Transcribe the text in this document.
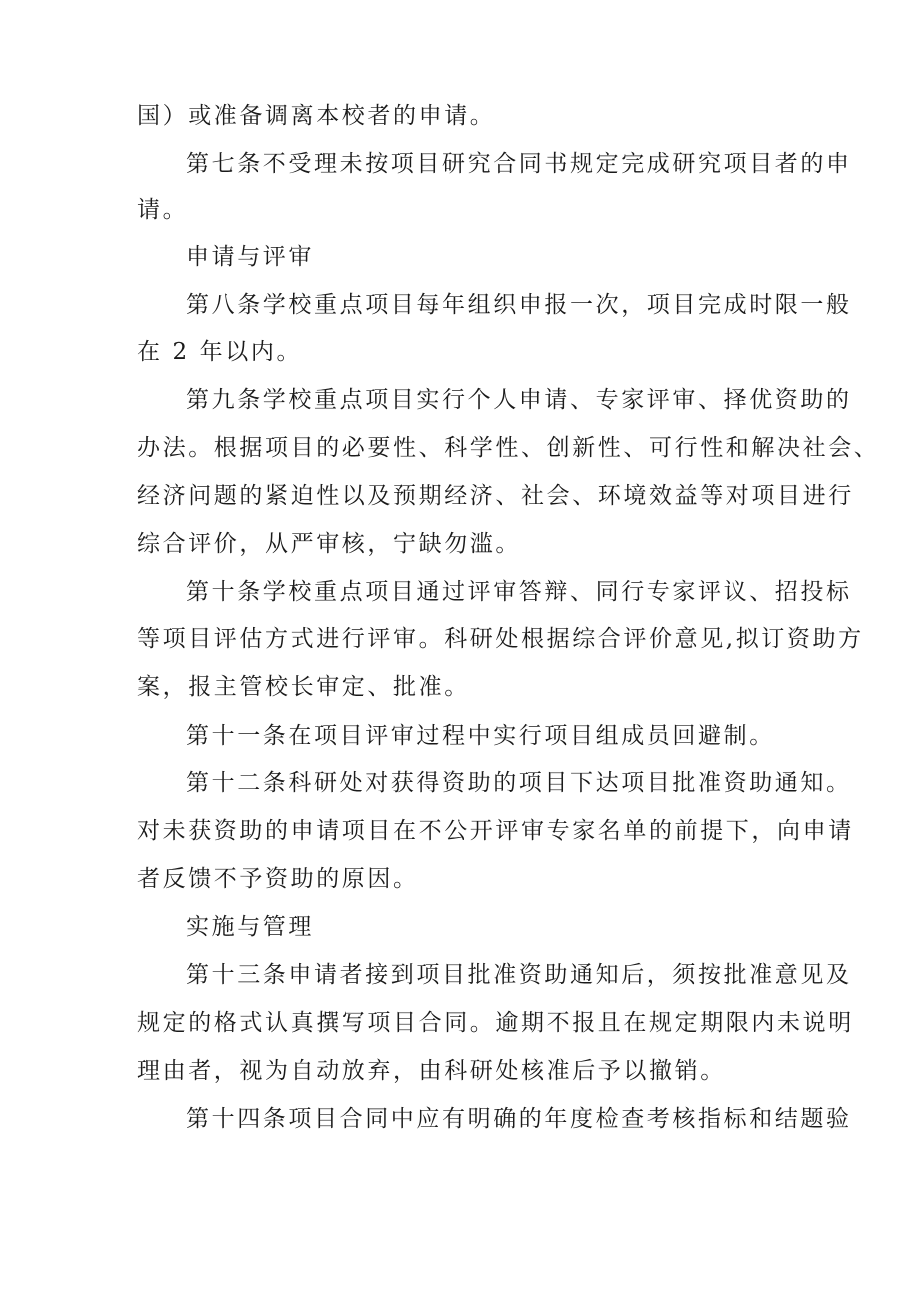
国）或准备调离本校者的申请。
第七条不受理未按项目研究合同书规定完成研究项目者的申
请。
申请与评审
第八条学校重点项目每年组织申报一次，项目完成时限一般
在 2 年以内。
第九条学校重点项目实行个人申请、专家评审、择优资助的
办法。根据项目的必要性、科学性、创新性、可行性和解决社会、
经济问题的紧迫性以及预期经济、社会、环境效益等对项目进行
综合评价，从严审核，宁缺勿滥。
第十条学校重点项目通过评审答辩、同行专家评议、招投标
等项目评估方式进行评审。科研处根据综合评价意见,拟订资助方
案，报主管校长审定、批准。
第十一条在项目评审过程中实行项目组成员回避制。
第十二条科研处对获得资助的项目下达项目批准资助通知。
对未获资助的申请项目在不公开评审专家名单的前提下，向申请
者反馈不予资助的原因。
实施与管理
第十三条申请者接到项目批准资助通知后，须按批准意见及
规定的格式认真撰写项目合同。逾期不报且在规定期限内未说明
理由者，视为自动放弃，由科研处核准后予以撤销。
第十四条项目合同中应有明确的年度检查考核指标和结题验
